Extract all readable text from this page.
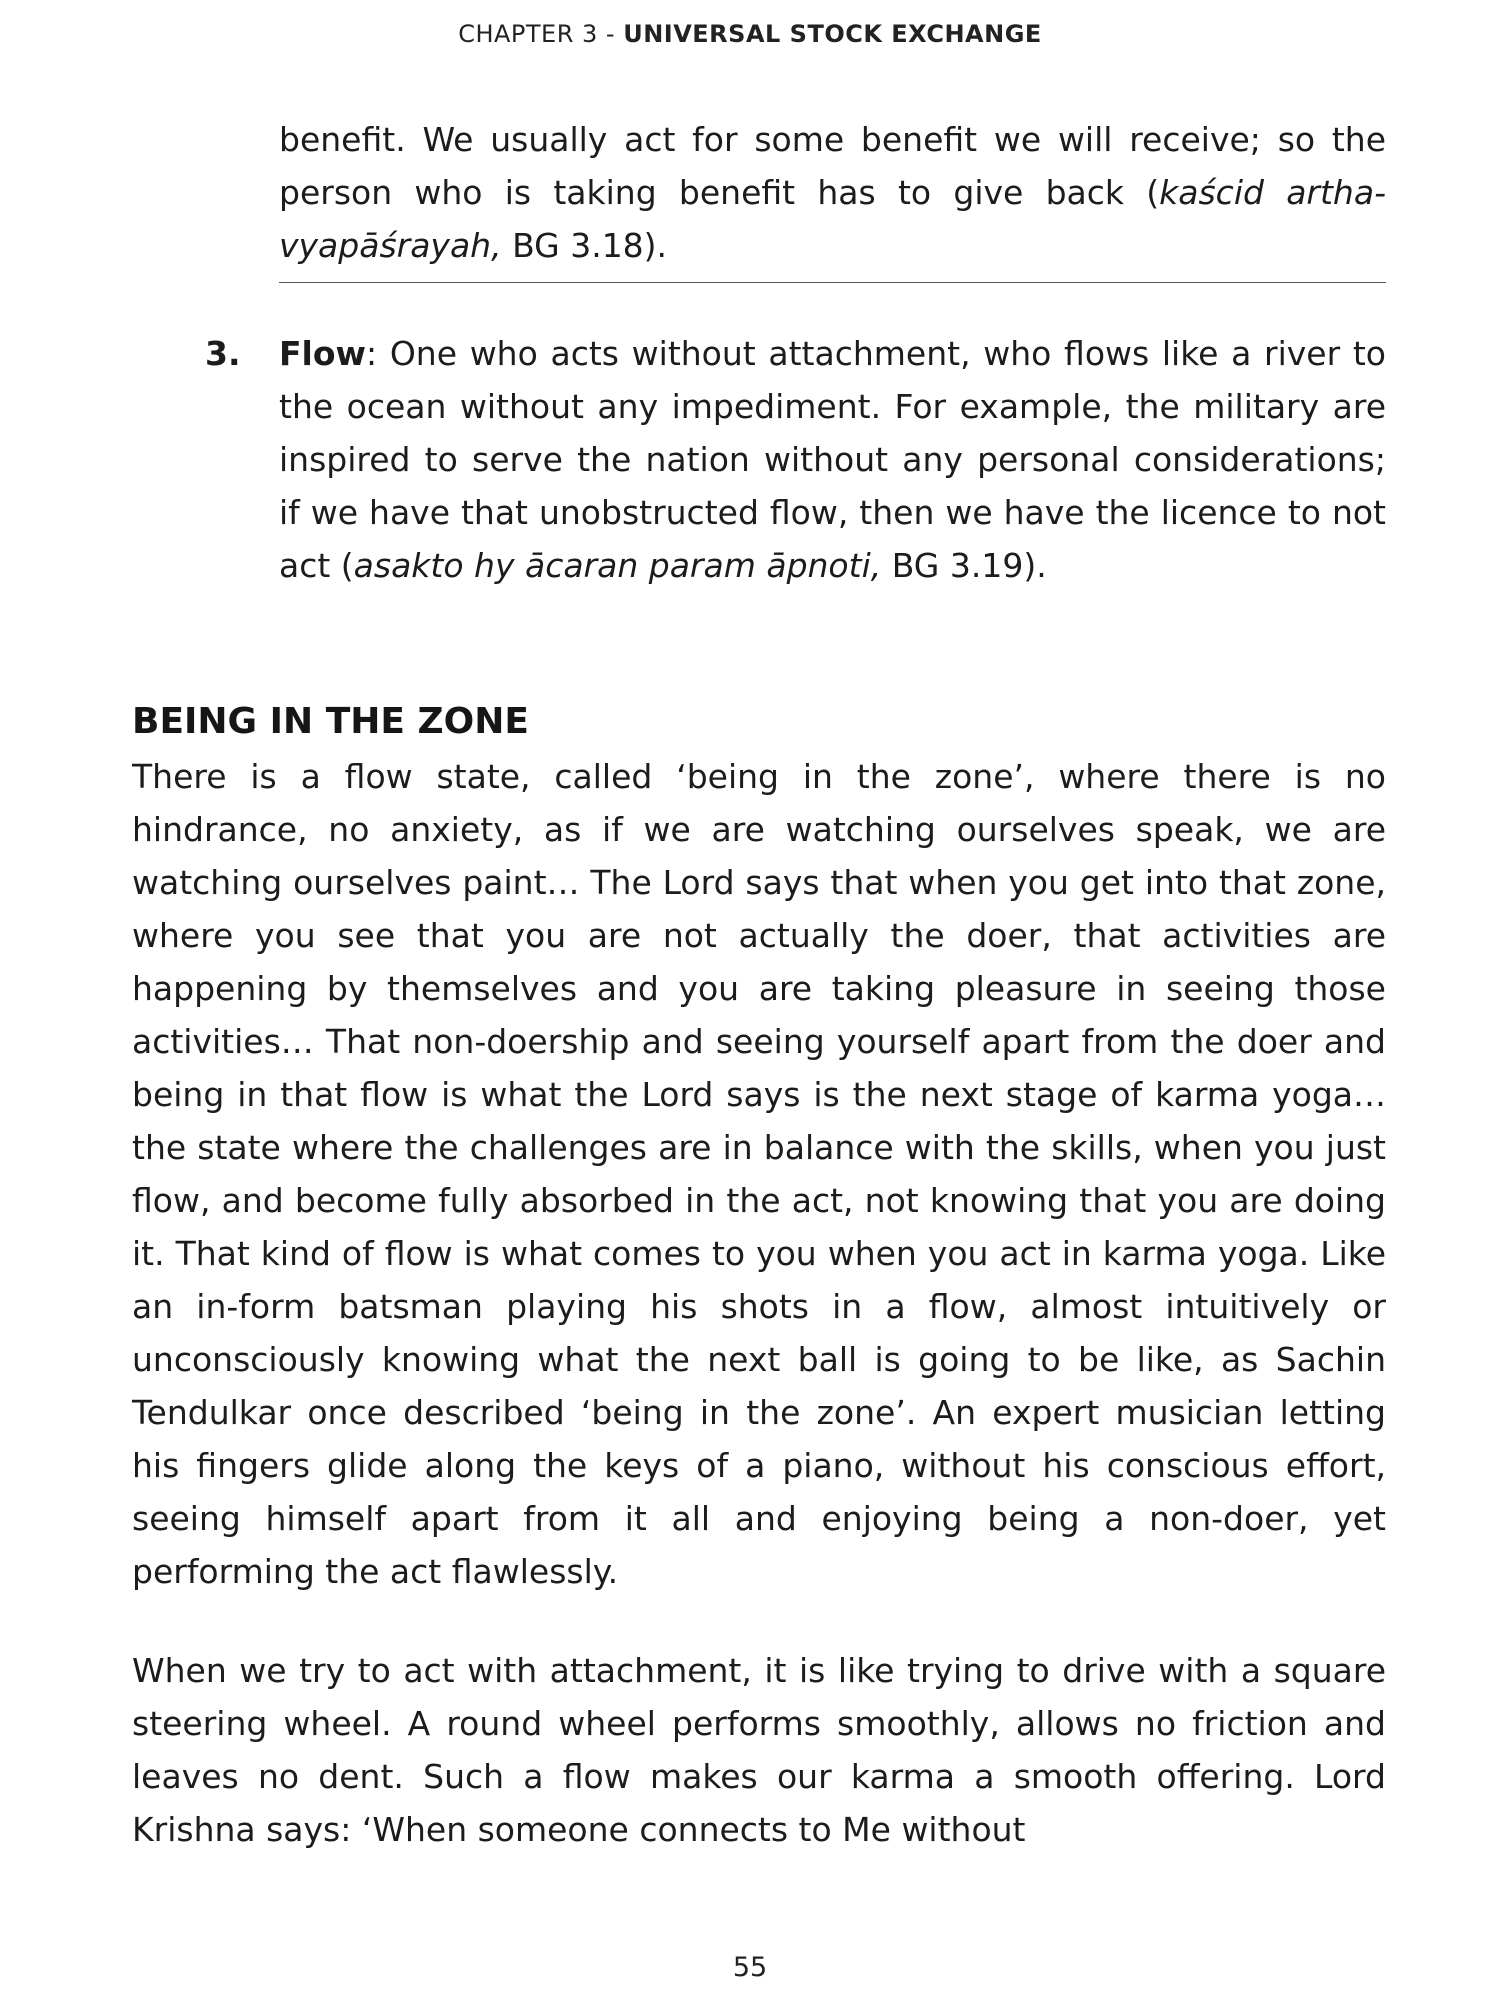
CHAPTER 3 - UNIVERSAL STOCK EXCHANGE

benefit. We usually act for some benefit we will receive; so the person who is taking benefit has to give back (kaścid artha-vyapāśrayah, BG 3.18).

3. Flow: One who acts without attachment, who flows like a river to the ocean without any impediment. For example, the military are inspired to serve the nation without any personal considerations; if we have that unobstructed flow, then we have the licence to not act (asakto hy ācaran param āpnoti, BG 3.19).

BEING IN THE ZONE

There is a flow state, called ‘being in the zone’, where there is no hindrance, no anxiety, as if we are watching ourselves speak, we are watching ourselves paint… The Lord says that when you get into that zone, where you see that you are not actually the doer, that activities are happening by themselves and you are taking pleasure in seeing those activities… That non-doership and seeing yourself apart from the doer and being in that flow is what the Lord says is the next stage of karma yoga… the state where the challenges are in balance with the skills, when you just flow, and become fully absorbed in the act, not knowing that you are doing it. That kind of flow is what comes to you when you act in karma yoga. Like an in-form batsman playing his shots in a flow, almost intuitively or unconsciously knowing what the next ball is going to be like, as Sachin Tendulkar once described ‘being in the zone’. An expert musician letting his fingers glide along the keys of a piano, without his conscious effort, seeing himself apart from it all and enjoying being a non-doer, yet performing the act flawlessly.

When we try to act with attachment, it is like trying to drive with a square steering wheel. A round wheel performs smoothly, allows no friction and leaves no dent. Such a flow makes our karma a smooth offering. Lord Krishna says: ‘When someone connects to Me without

55
